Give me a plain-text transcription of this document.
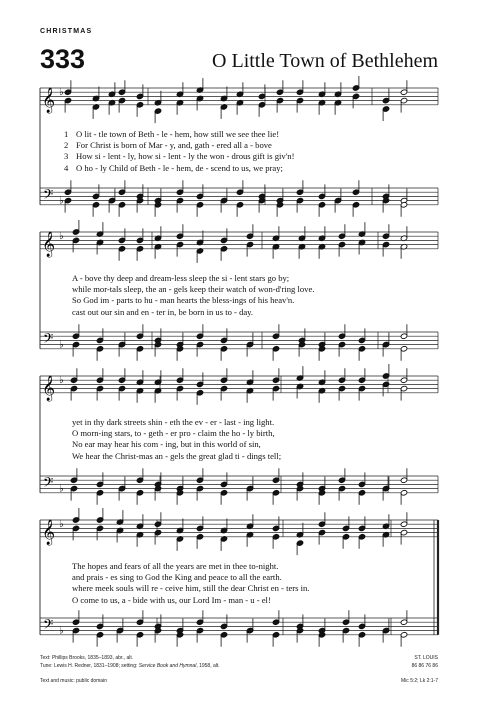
CHRISTMAS
333	O Little Town of Bethlehem
𝄞
𝄢
♭
♭
𝄞
𝄢
♭
♭
𝄞
𝄢
♭
♭
𝄞
𝄢
♭
♭
1 O lit - tle town of Beth - le - hem, how still we see thee lie!
2 For Christ is born of Mar - y, and, gath - ered all a - bove
3 How si - lent - ly, how si - lent - ly the won - drous gift is giv'n!
4 O ho - ly Child of Beth - le - hem, de - scend to us, we pray;
A - bove thy deep and dream-less sleep the si - lent stars go by;
while mor-tals sleep, the an - gels keep their watch of won-d'ring love.
So God im - parts to hu - man hearts the bless-ings of his heav'n.
cast out our sin and en - ter in, be born in us to - day.
yet in thy dark streets shin - eth the ev - er - last - ing light.
O morn-ing stars, to - geth - er pro - claim the ho - ly birth,
No ear may hear his com - ing, but in this world of sin,
We hear the Christ-mas an - gels the great glad ti - dings tell;
The hopes and fears of all the years are met in thee to-night.
and prais - es sing to God the King and peace to all the earth.
where meek souls will re - ceive him, still the dear Christ en - ters in.
O come to us, a - bide with us, our Lord Im - man - u - el!
Text: Phillips Brooks, 1835–1893, abr., alt.
Tune: Lewis H. Redner, 1831–1908; setting: Service Book and Hymnal, 1958, alt.
Text and music: public domain
ST. LOUIS
86 86 76 86
Mic 5:2; Lk 2:1-7
